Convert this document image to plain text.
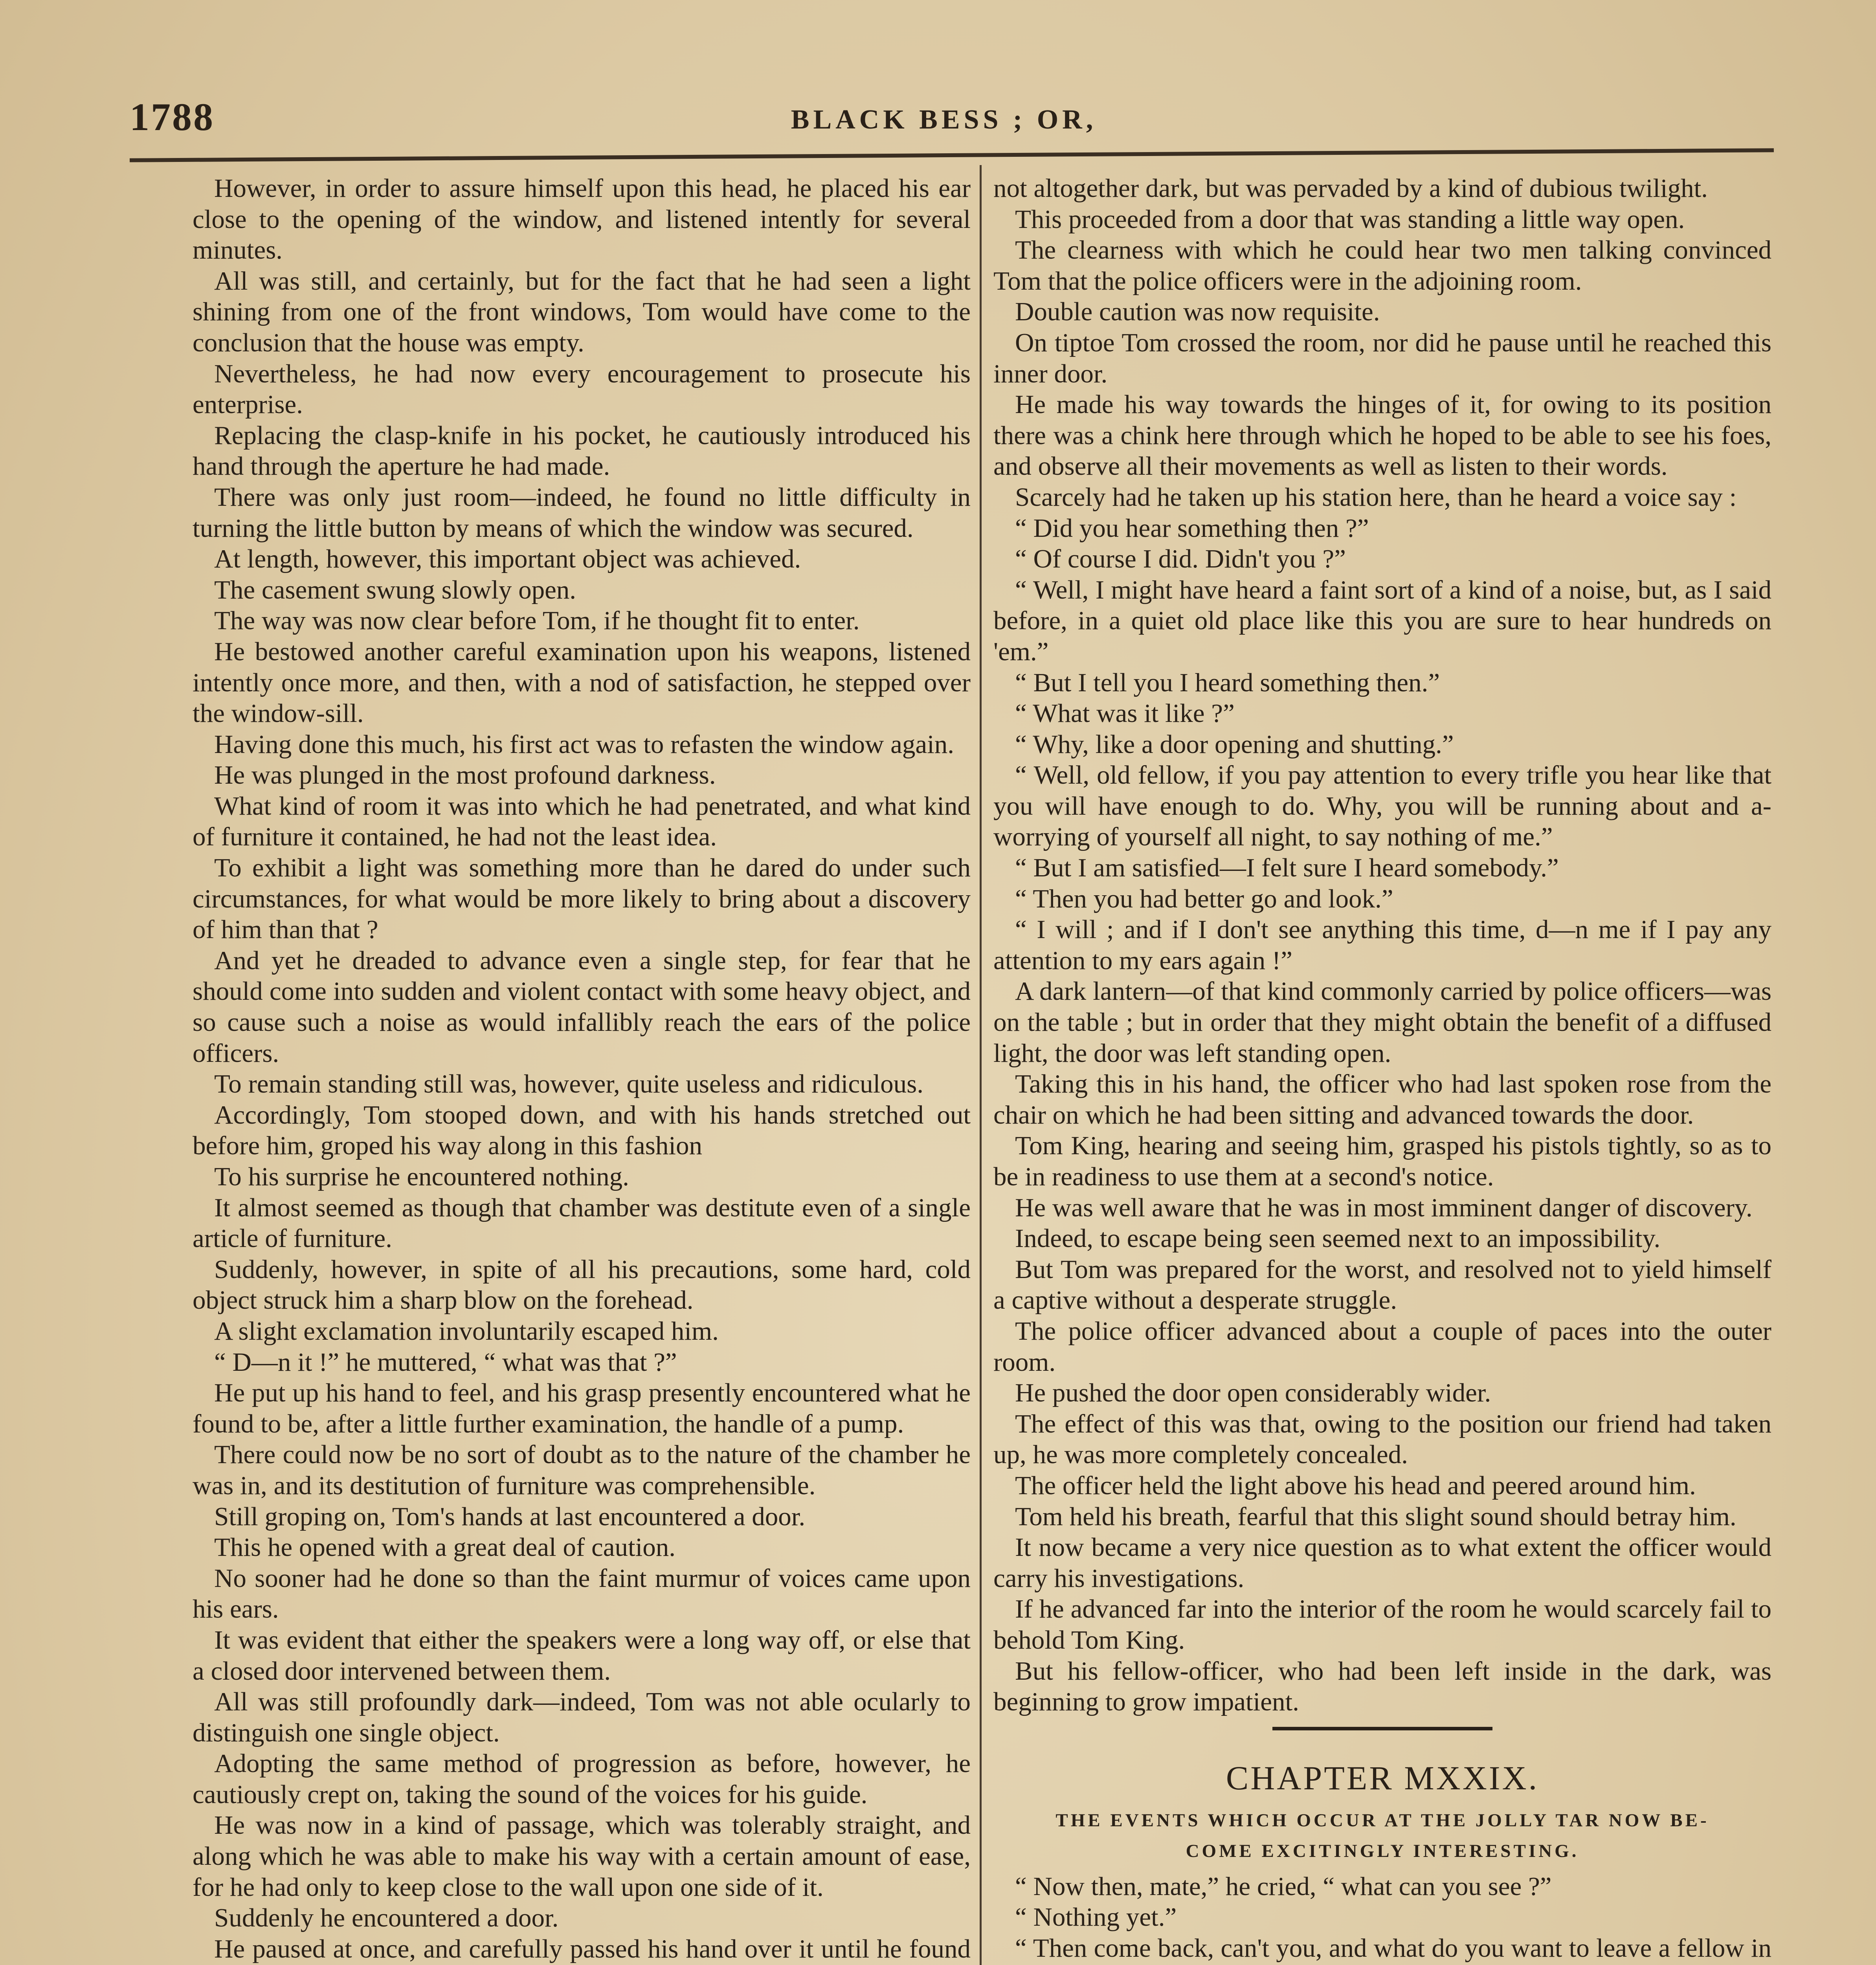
1788	BLACK BESS ; OR,

However, in order to assure himself upon this head, he placed his ear close to the opening of the window, and listened intently for several minutes.

All was still, and certainly, but for the fact that he had seen a light shining from one of the front windows, Tom would have come to the conclusion that the house was empty.

Nevertheless, he had now every encouragement to prosecute his enterprise.

Replacing the clasp-knife in his pocket, he cautiously introduced his hand through the aperture he had made.

There was only just room—indeed, he found no little difficulty in turning the little button by means of which the window was secured.

At length, however, this important object was achieved.

The casement swung slowly open.

The way was now clear before Tom, if he thought fit to enter.

He bestowed another careful examination upon his weapons, listened intently once more, and then, with a nod of satisfaction, he stepped over the window-sill.

Having done this much, his first act was to refasten the window again.

He was plunged in the most profound darkness.

What kind of room it was into which he had penetrated, and what kind of furniture it contained, he had not the least idea.

To exhibit a light was something more than he dared do under such circumstances, for what would be more likely to bring about a discovery of him than that ?

And yet he dreaded to advance even a single step, for fear that he should come into sudden and violent contact with some heavy object, and so cause such a noise as would infallibly reach the ears of the police officers.

To remain standing still was, however, quite useless and ridiculous.

Accordingly, Tom stooped down, and with his hands stretched out before him, groped his way along in this fashion

To his surprise he encountered nothing.

It almost seemed as though that chamber was destitute even of a single article of furniture.

Suddenly, however, in spite of all his precautions, some hard, cold object struck him a sharp blow on the forehead.

A slight exclamation involuntarily escaped him.

“ D—n it !” he muttered, “ what was that ?”

He put up his hand to feel, and his grasp presently encountered what he found to be, after a little further examination, the handle of a pump.

There could now be no sort of doubt as to the nature of the chamber he was in, and its destitution of furniture was comprehensible.

Still groping on, Tom's hands at last encountered a door.

This he opened with a great deal of caution.

No sooner had he done so than the faint murmur of voices came upon his ears.

It was evident that either the speakers were a long way off, or else that a closed door intervened between them.

All was still profoundly dark—indeed, Tom was not able ocularly to distinguish one single object.

Adopting the same method of progression as before, however, he cautiously crept on, taking the sound of the voices for his guide.

He was now in a kind of passage, which was tolerably straight, and along which he was able to make his way with a certain amount of ease, for he had only to keep close to the wall upon one side of it.

Suddenly he encountered a door.

He paused at once, and carefully passed his hand over it until he found

not altogether dark, but was pervaded by a kind of dubious twilight.

This proceeded from a door that was standing a little way open.

The clearness with which he could hear two men talking convinced Tom that the police officers were in the adjoining room.

Double caution was now requisite.

On tiptoe Tom crossed the room, nor did he pause until he reached this inner door.

He made his way towards the hinges of it, for owing to its position there was a chink here through which he hoped to be able to see his foes, and observe all their movements as well as listen to their words.

Scarcely had he taken up his station here, than he heard a voice say :

“ Did you hear something then ?”

“ Of course I did. Didn't you ?”

“ Well, I might have heard a faint sort of a kind of a noise, but, as I said before, in a quiet old place like this you are sure to hear hundreds on 'em.”

“ But I tell you I heard something then.”

“ What was it like ?”

“ Why, like a door opening and shutting.”

“ Well, old fellow, if you pay attention to every trifle you hear like that you will have enough to do. Why, you will be running about and a-worrying of yourself all night, to say nothing of me.”

“ But I am satisfied—I felt sure I heard somebody.”

“ Then you had better go and look.”

“ I will ; and if I don't see anything this time, d—n me if I pay any attention to my ears again !”

A dark lantern—of that kind commonly carried by police officers—was on the table ; but in order that they might obtain the benefit of a diffused light, the door was left standing open.

Taking this in his hand, the officer who had last spoken rose from the chair on which he had been sitting and advanced towards the door.

Tom King, hearing and seeing him, grasped his pistols tightly, so as to be in readiness to use them at a second's notice.

He was well aware that he was in most imminent danger of discovery.

Indeed, to escape being seen seemed next to an impossibility.

But Tom was prepared for the worst, and resolved not to yield himself a captive without a desperate struggle.

The police officer advanced about a couple of paces into the outer room.

He pushed the door open considerably wider.

The effect of this was that, owing to the position our friend had taken up, he was more completely concealed.

The officer held the light above his head and peered around him.

Tom held his breath, fearful that this slight sound should betray him.

It now became a very nice question as to what extent the officer would carry his investigations.

If he advanced far into the interior of the room he would scarcely fail to behold Tom King.

But his fellow-officer, who had been left inside in the dark, was beginning to grow impatient.

CHAPTER MXXIX.
THE EVENTS WHICH OCCUR AT THE JOLLY TAR NOW BE-
COME EXCITINGLY INTERESTING.

“ Now then, mate,” he cried, “ what can you see ?”

“ Nothing yet.”

“ Then come back, can't you, and what do you want to leave a fellow in
